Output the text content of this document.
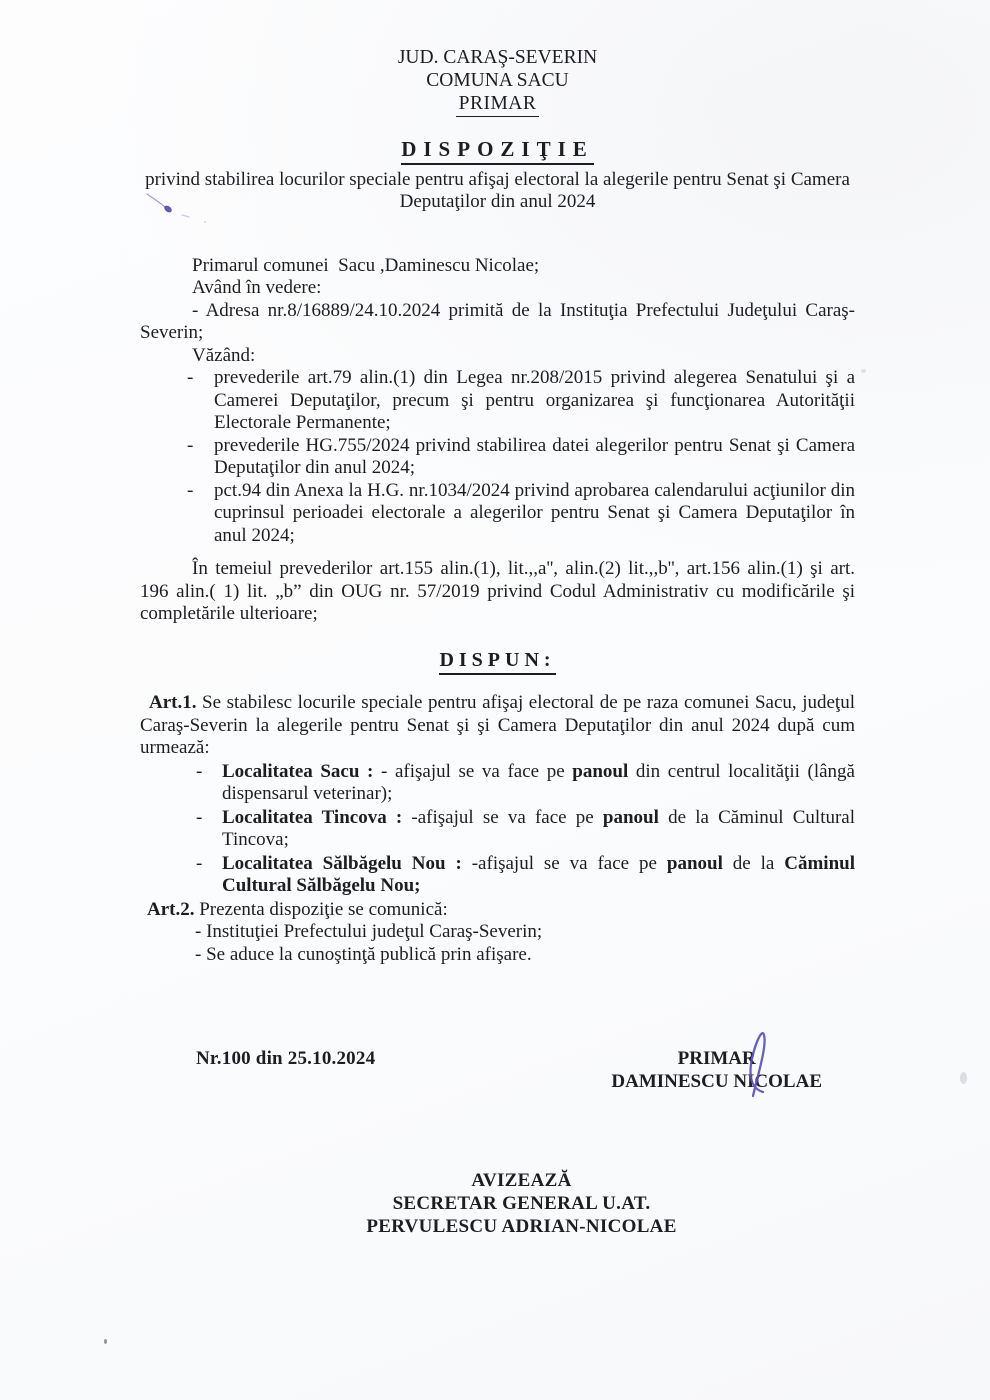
JUD. CARAŞ-SEVERIN
COMUNA SACU
PRIMAR
DISPOZIŢIE
privind stabilirea locurilor speciale pentru afişaj electoral la alegerile pentru Senat şi Camera
Deputaţilor din anul 2024

Primarul comunei  Sacu ,Daminescu Nicolae;

Având în vedere:

- Adresa nr.8/16889/24.10.2024 primită de la Instituţia Prefectului Judeţului Caraş-Severin;

Văzând:

- prevederile art.79 alin.(1) din Legea nr.208/2015 privind alegerea Senatului şi a Camerei Deputaţilor, precum şi pentru organizarea şi funcţionarea Autorităţii Electorale Permanente;
- prevederile HG.755/2024 privind stabilirea datei alegerilor pentru Senat şi Camera Deputaţilor din anul 2024;
- pct.94 din Anexa la H.G. nr.1034/2024 privind aprobarea calendarului acţiunilor din cuprinsul perioadei electorale a alegerilor pentru Senat şi Camera Deputaţilor în anul 2024;

În temeiul prevederilor art.155 alin.(1), lit.,,a'', alin.(2) lit.,,b'', art.156 alin.(1) şi art. 196 alin.( 1) lit. „b” din OUG nr. 57/2019 privind Codul Administrativ cu modificările şi completările ulterioare;

DISPUN:

Art.1. Se stabilesc locurile speciale pentru afişaj electoral de pe raza comunei Sacu, judeţul Caraş-Severin la alegerile pentru Senat şi şi Camera Deputaţilor din anul 2024 după cum urmează:

- Localitatea Sacu : - afişajul se va face pe panoul din centrul localităţii (lângă dispensarul veterinar);
- Localitatea Tincova : -afişajul se va face pe panoul de la Căminul Cultural Tincova;
- Localitatea Sălbăgelu Nou : -afişajul se va face pe panoul de la Căminul Cultural Sălbăgelu Nou;

Art.2. Prezenta dispoziţie se comunică:

- Instituţiei Prefectului judeţul Caraş-Severin;

- Se aduce la cunoştinţă publică prin afişare.

Nr.100 din 25.10.2024	PRIMAR
DAMINESCU NICOLAE
AVIZEAZĂ
SECRETAR GENERAL U.AT.
PERVULESCU ADRIAN-NICOLAE
